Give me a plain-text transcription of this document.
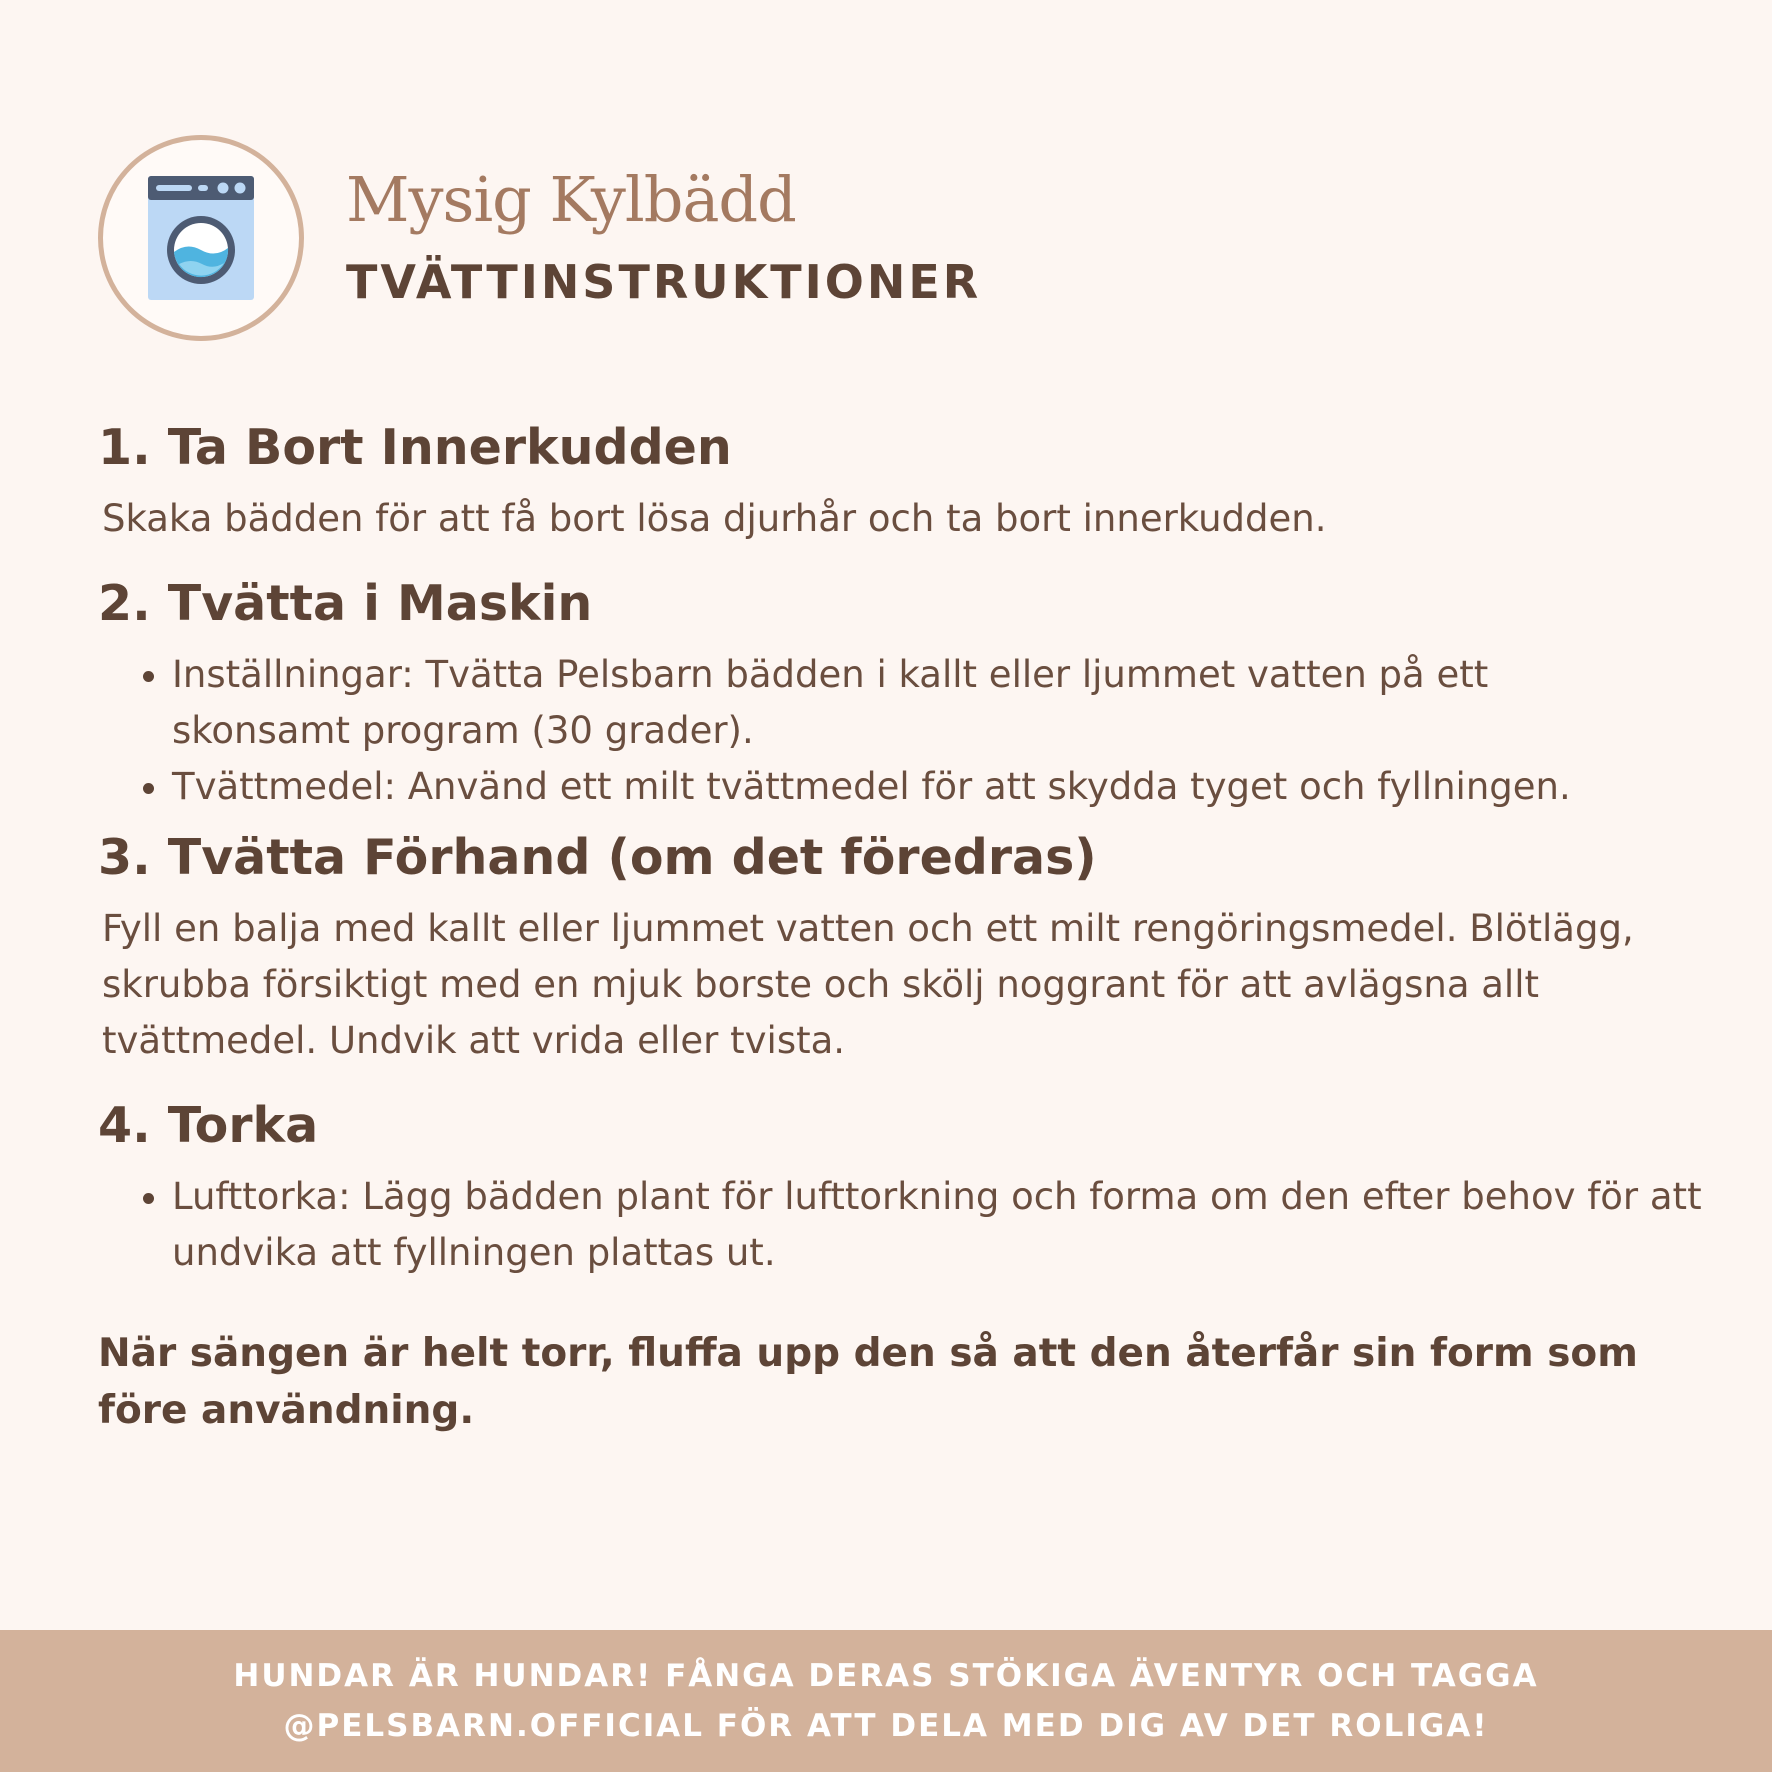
Mysig Kylbädd
TVÄTTINSTRUKTIONER
1. Ta Bort Innerkudden

Skaka bädden för att få bort lösa djurhår och ta bort innerkudden.

2. Tvätta i Maskin
• Inställningar: Tvätta Pelsbarn bädden i kallt eller ljummet vatten på ett skonsamt program (30 grader).
• Tvättmedel: Använd ett milt tvättmedel för att skydda tyget och fyllningen.
3. Tvätta Förhand (om det föredras)

Fyll en balja med kallt eller ljummet vatten och ett milt rengöringsmedel. Blötlägg, skrubba försiktigt med en mjuk borste och skölj noggrant för att avlägsna allt tvättmedel. Undvik att vrida eller tvista.

4. Torka
• Lufttorka: Lägg bädden plant för lufttorkning och forma om den efter behov för att undvika att fyllningen plattas ut.
När sängen är helt torr, fluffa upp den så att den återfår sin form som före användning.
HUNDAR ÄR HUNDAR! FÅNGA DERAS STÖKIGA ÄVENTYR OCH TAGGA @PELSBARN.OFFICIAL FÖR ATT DELA MED DIG AV DET ROLIGA!
